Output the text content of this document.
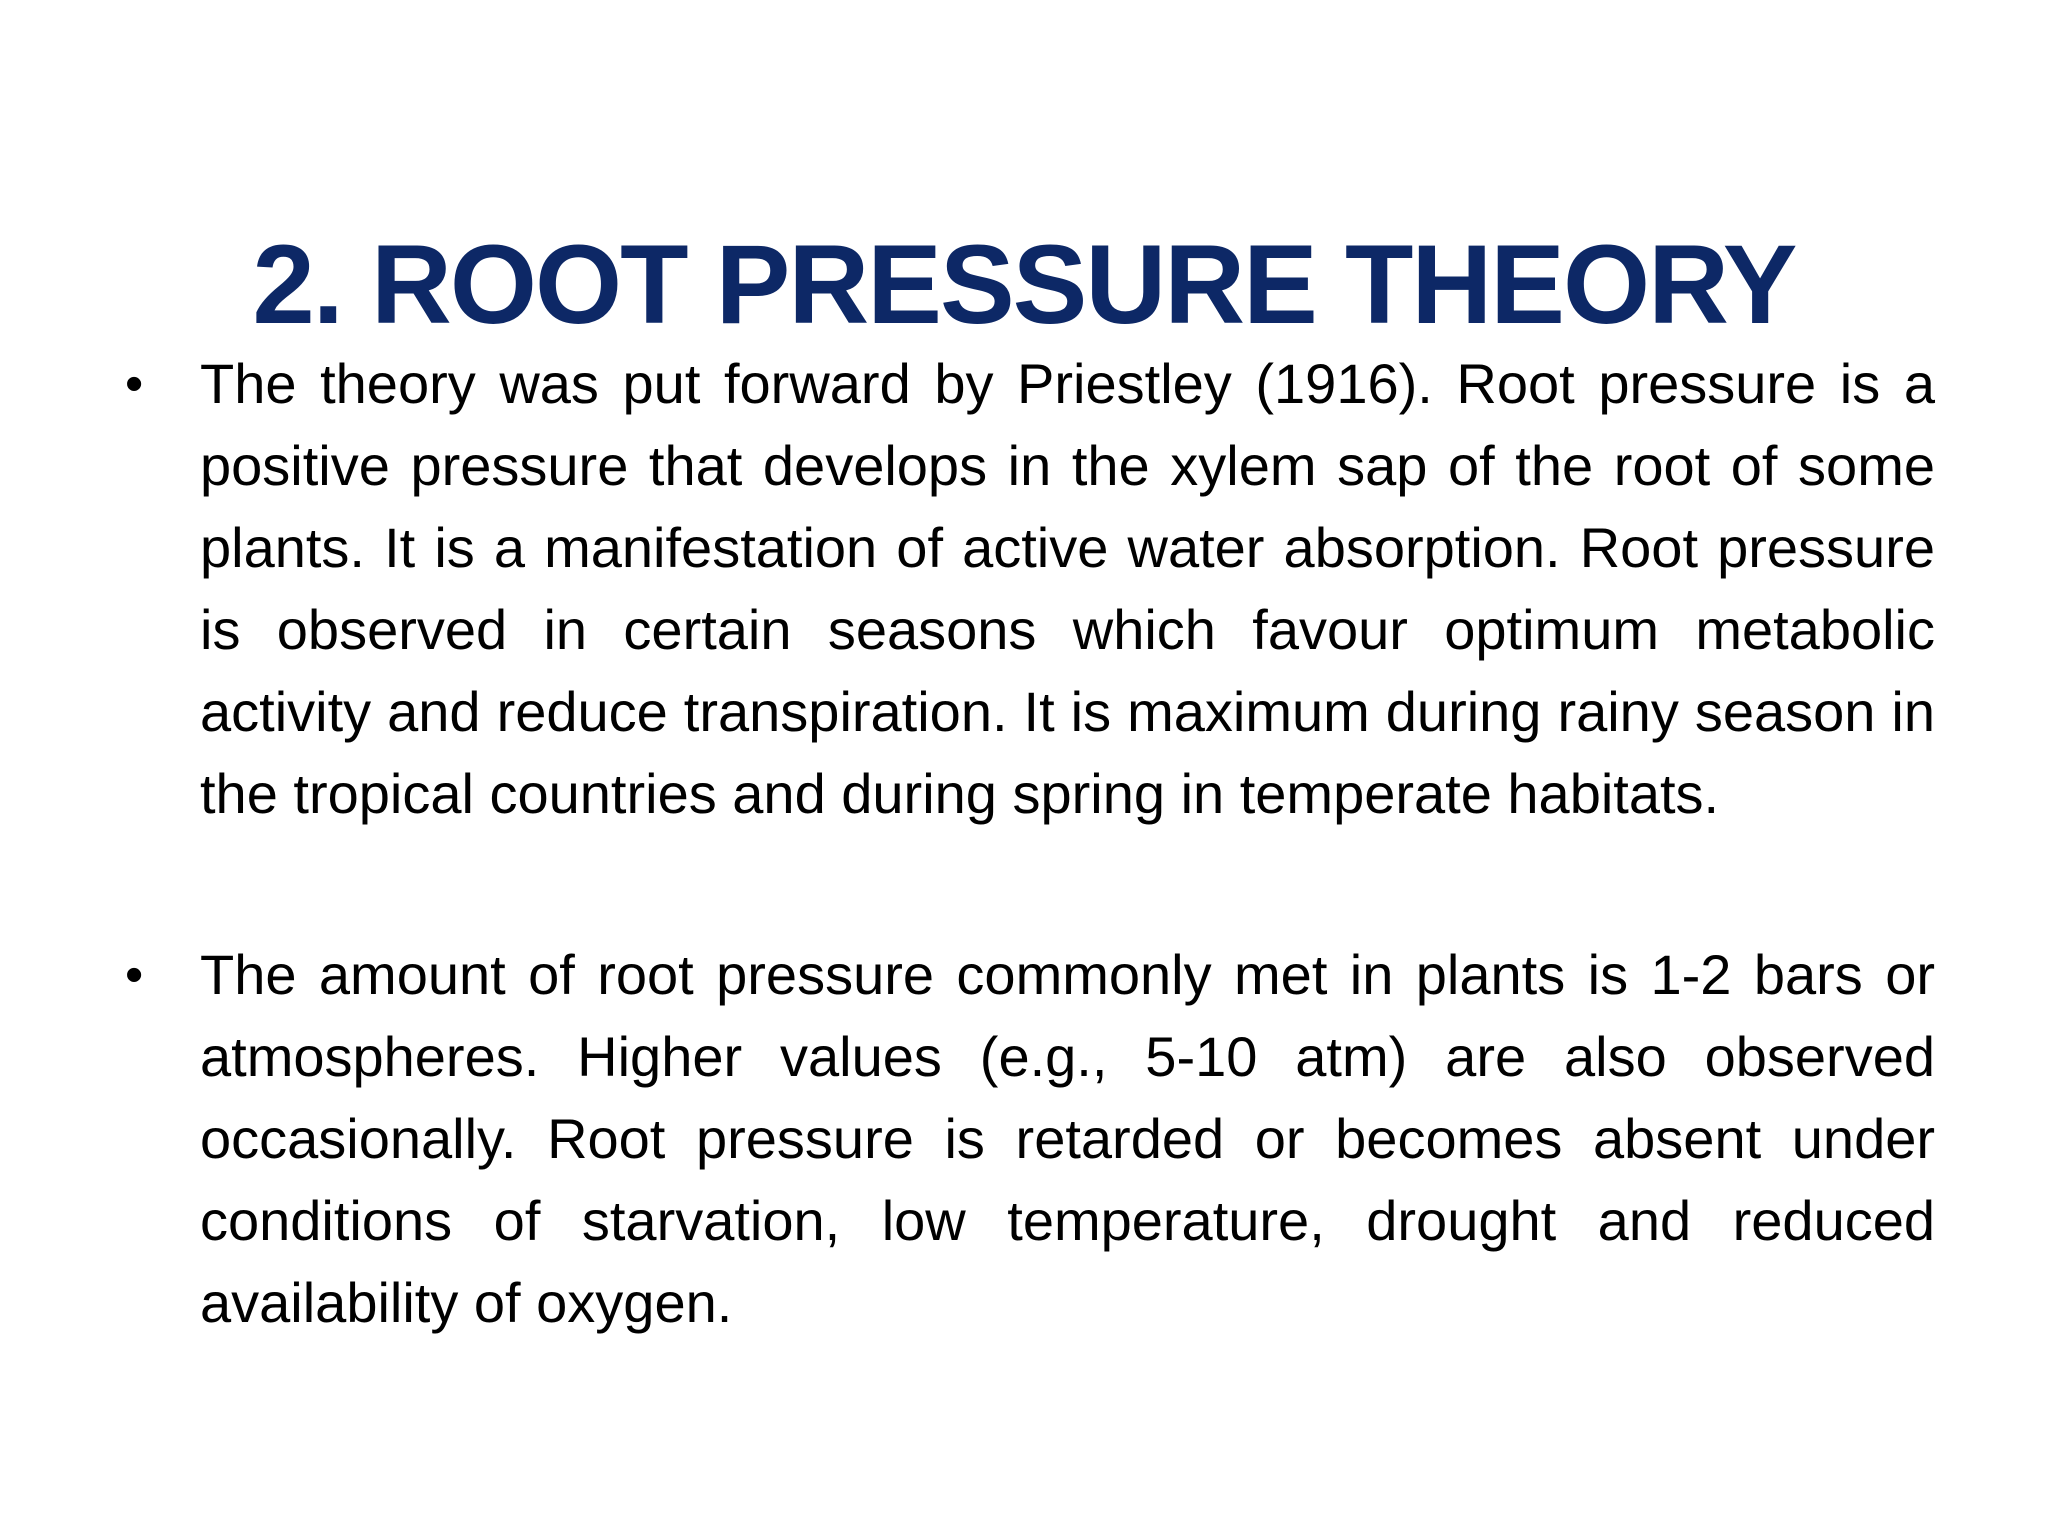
2. ROOT PRESSURE THEORY
• The theory was put forward by Priestley (1916). Root pressure is a positive pressure that develops in the xylem sap of the root of some plants. It is a manifestation of active water absorption. Root pressure is observed in certain seasons which favour optimum metabolic activity and reduce transpiration. It is maximum during rainy season in the tropical countries and during spring in temperate habitats.
• The amount of root pressure commonly met in plants is 1-2 bars or atmospheres. Higher values (e.g., 5-10 atm) are also observed occasionally. Root pressure is retarded or becomes absent under conditions of starvation, low temperature, drought and reduced availability of oxygen.
